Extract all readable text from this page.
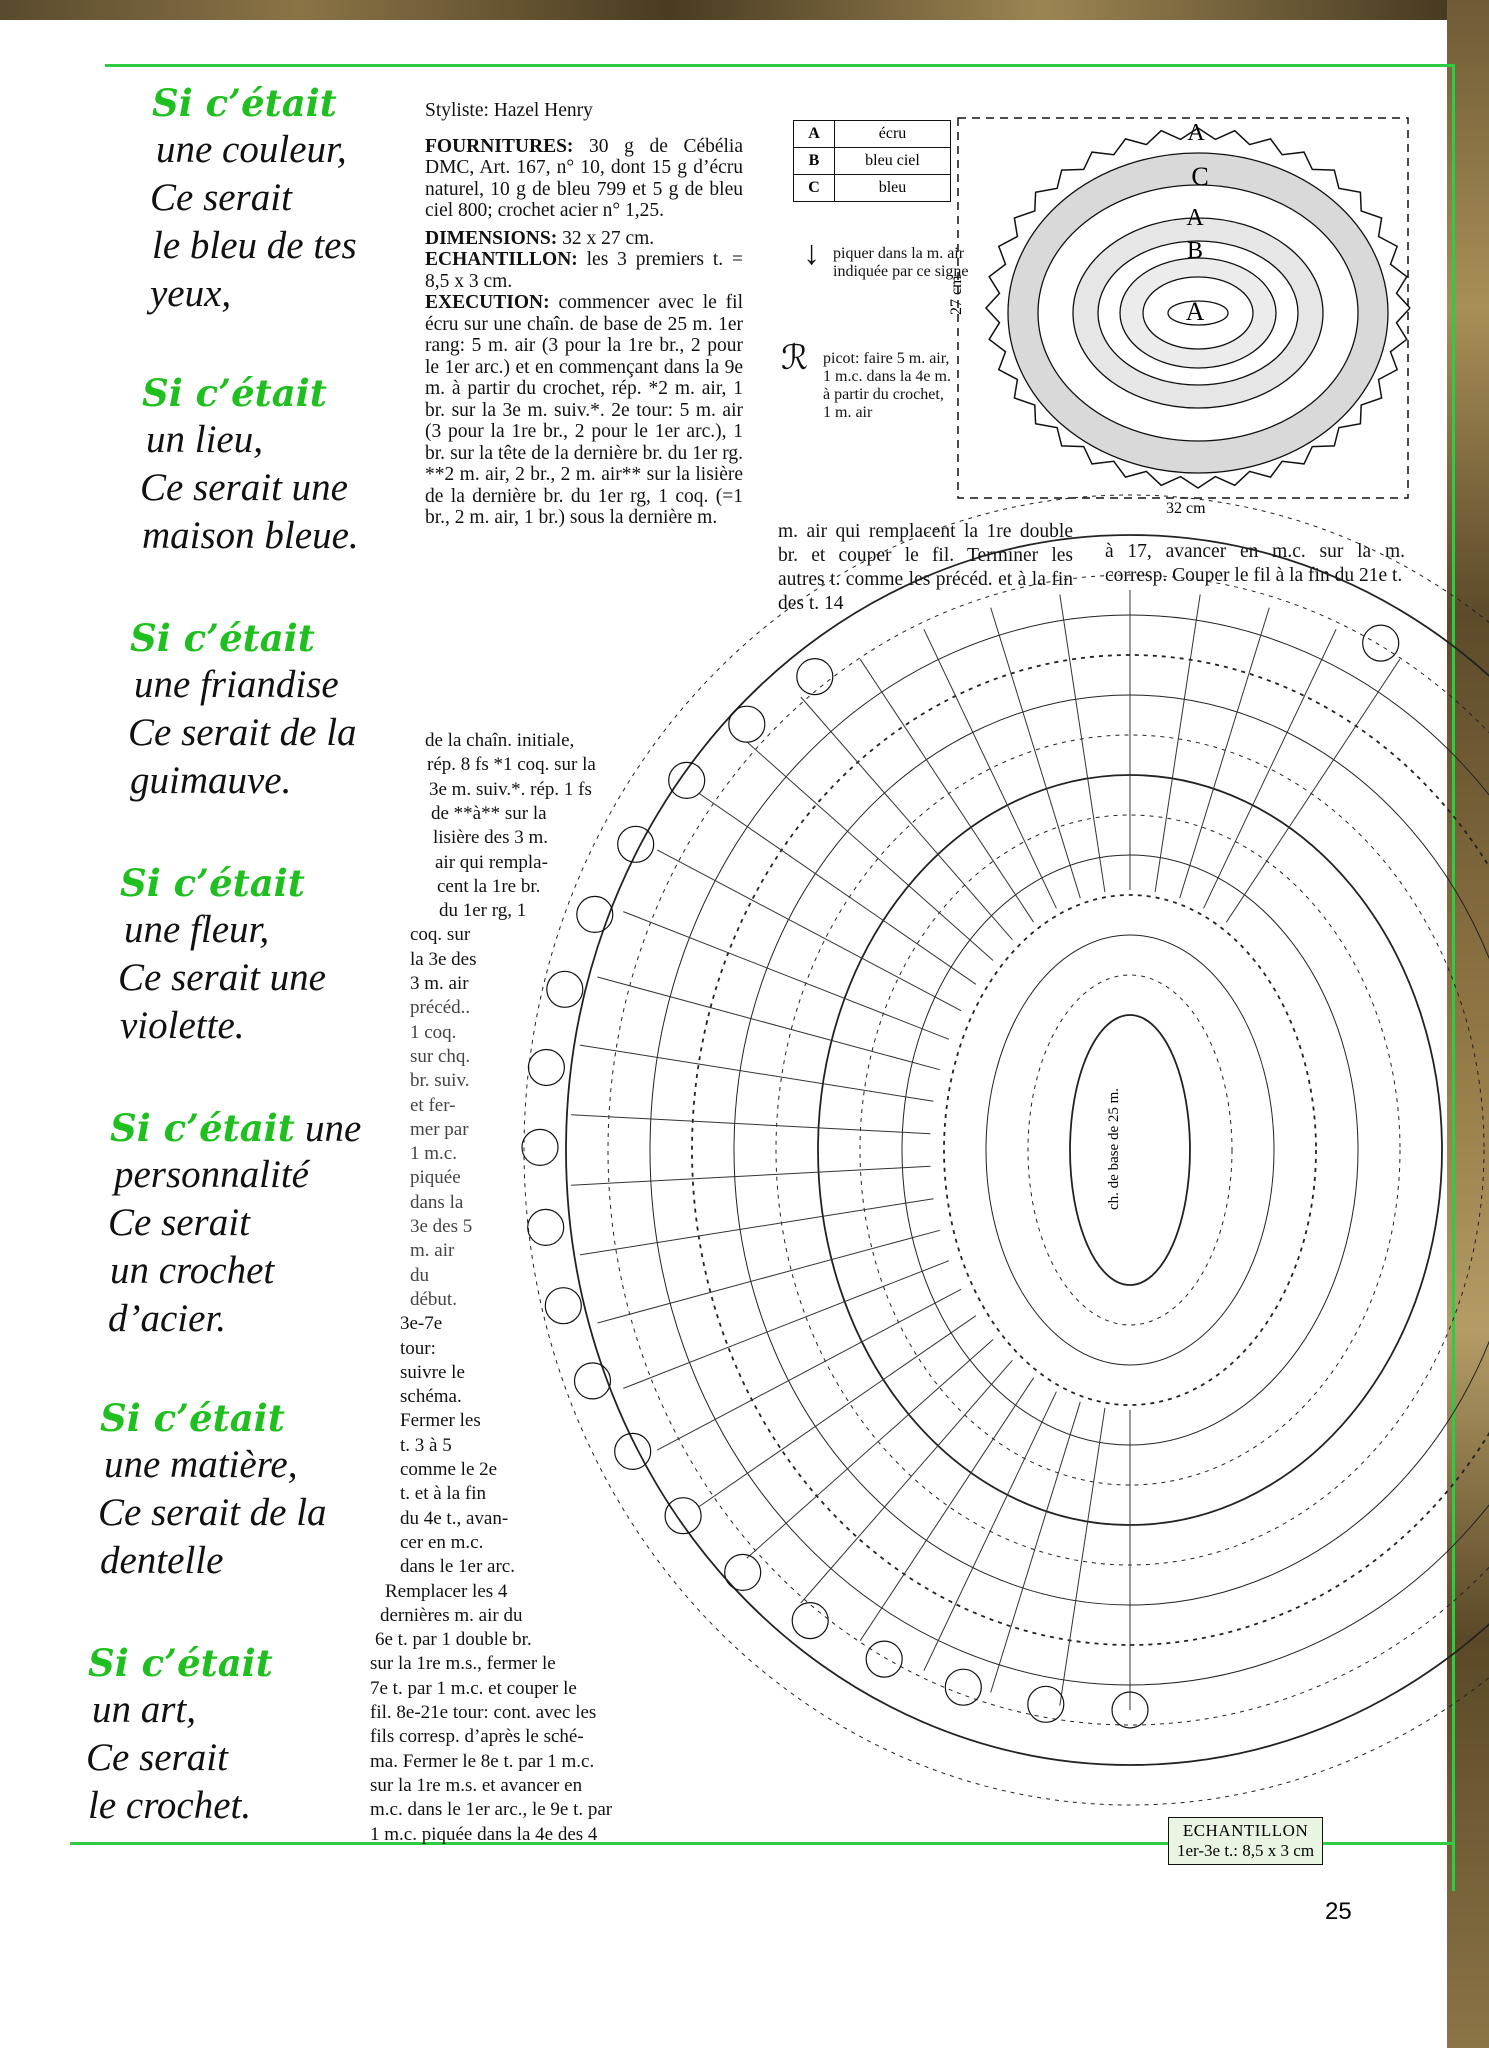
Si c’était
une couleur,
Ce serait
le bleu de tes
yeux,
Si c’était
un lieu,
Ce serait une
maison bleue.
Si c’était
une friandise
Ce serait de la
guimauve.
Si c’était
une fleur,
Ce serait une
violette.
Si c’était une
personnalité
Ce serait
un crochet
d’acier.
Si c’était
une matière,
Ce serait de la
dentelle
Si c’était
un art,
Ce serait
le crochet.

Styliste: Hazel Henry

FOURNITURES: 30 g de Cébélia DMC, Art. 167, n° 10, dont 15 g d’écru naturel, 10 g de bleu 799 et 5 g de bleu ciel 800; crochet acier n° 1,25.

DIMENSIONS: 32 x 27 cm.

ECHANTILLON: les 3 premiers t. = 8,5 x 3 cm.

EXECUTION: commencer avec le fil écru sur une chaîn. de base de 25 m. 1er rang: 5 m. air (3 pour la 1re br., 2 pour le 1er arc.) et en commençant dans la 9e m. à partir du crochet, rép. *2 m. air, 1 br. sur la 3e m. suiv.*. 2e tour: 5 m. air (3 pour la 1re br., 2 pour le 1er arc.), 1 br. sur la tête de la dernière br. du 1er rg. **2 m. air, 2 br., 2 m. air** sur la lisière de la dernière br. du 1er rg, 1 coq. (=1 br., 2 m. air, 1 br.) sous la dernière m.

de la chaîn. initiale,
rép. 8 fs *1 coq. sur la
3e m. suiv.*. rép. 1 fs
de **à** sur la
lisière des 3 m.
air qui rempla-
cent la 1re br.
du 1er rg, 1
coq. sur
la 3e des
3 m. air
précéd..
1 coq.
sur chq.
br. suiv.
et fer-
mer par
1 m.c.
piquée
dans la
3e des 5
m. air
du
début.
3e-7e
tour:
suivre le
schéma.
Fermer les
t. 3 à 5
comme le 2e
t. et à la fin
du 4e t., avan-
cer en m.c.
dans le 1er arc.
Remplacer les 4
dernières m. air du
6e t. par 1 double br.
sur la 1re m.s., fermer le
7e t. par 1 m.c. et couper le
fil. 8e-21e tour: cont. avec les
fils corresp. d’après le sché-
ma. Fermer le 8e t. par 1 m.c.
sur la 1re m.s. et avancer en
m.c. dans le 1er arc., le 9e t. par
1 m.c. piquée dans la 4e des 4
A	écru
B	bleu ciel
C	bleu
↓ piquer dans la m. air indiquée par ce signe
ℛ picot: faire 5 m. air, 1 m.c. dans la 4e m. à partir du crochet, 1 m. air
27 cm
32 cm
m. air qui remplacent la 1re double br. et couper le fil. Terminer les autres t. comme les précéd. et à la fin des t. 14
à 17, avancer en m.c. sur la m. corresp. Couper le fil à la fin du 21e t.
A
C
A
B
A
ch. de base de 25 m.
ECHANTILLON
1er-3e t.: 8,5 x 3 cm
25
